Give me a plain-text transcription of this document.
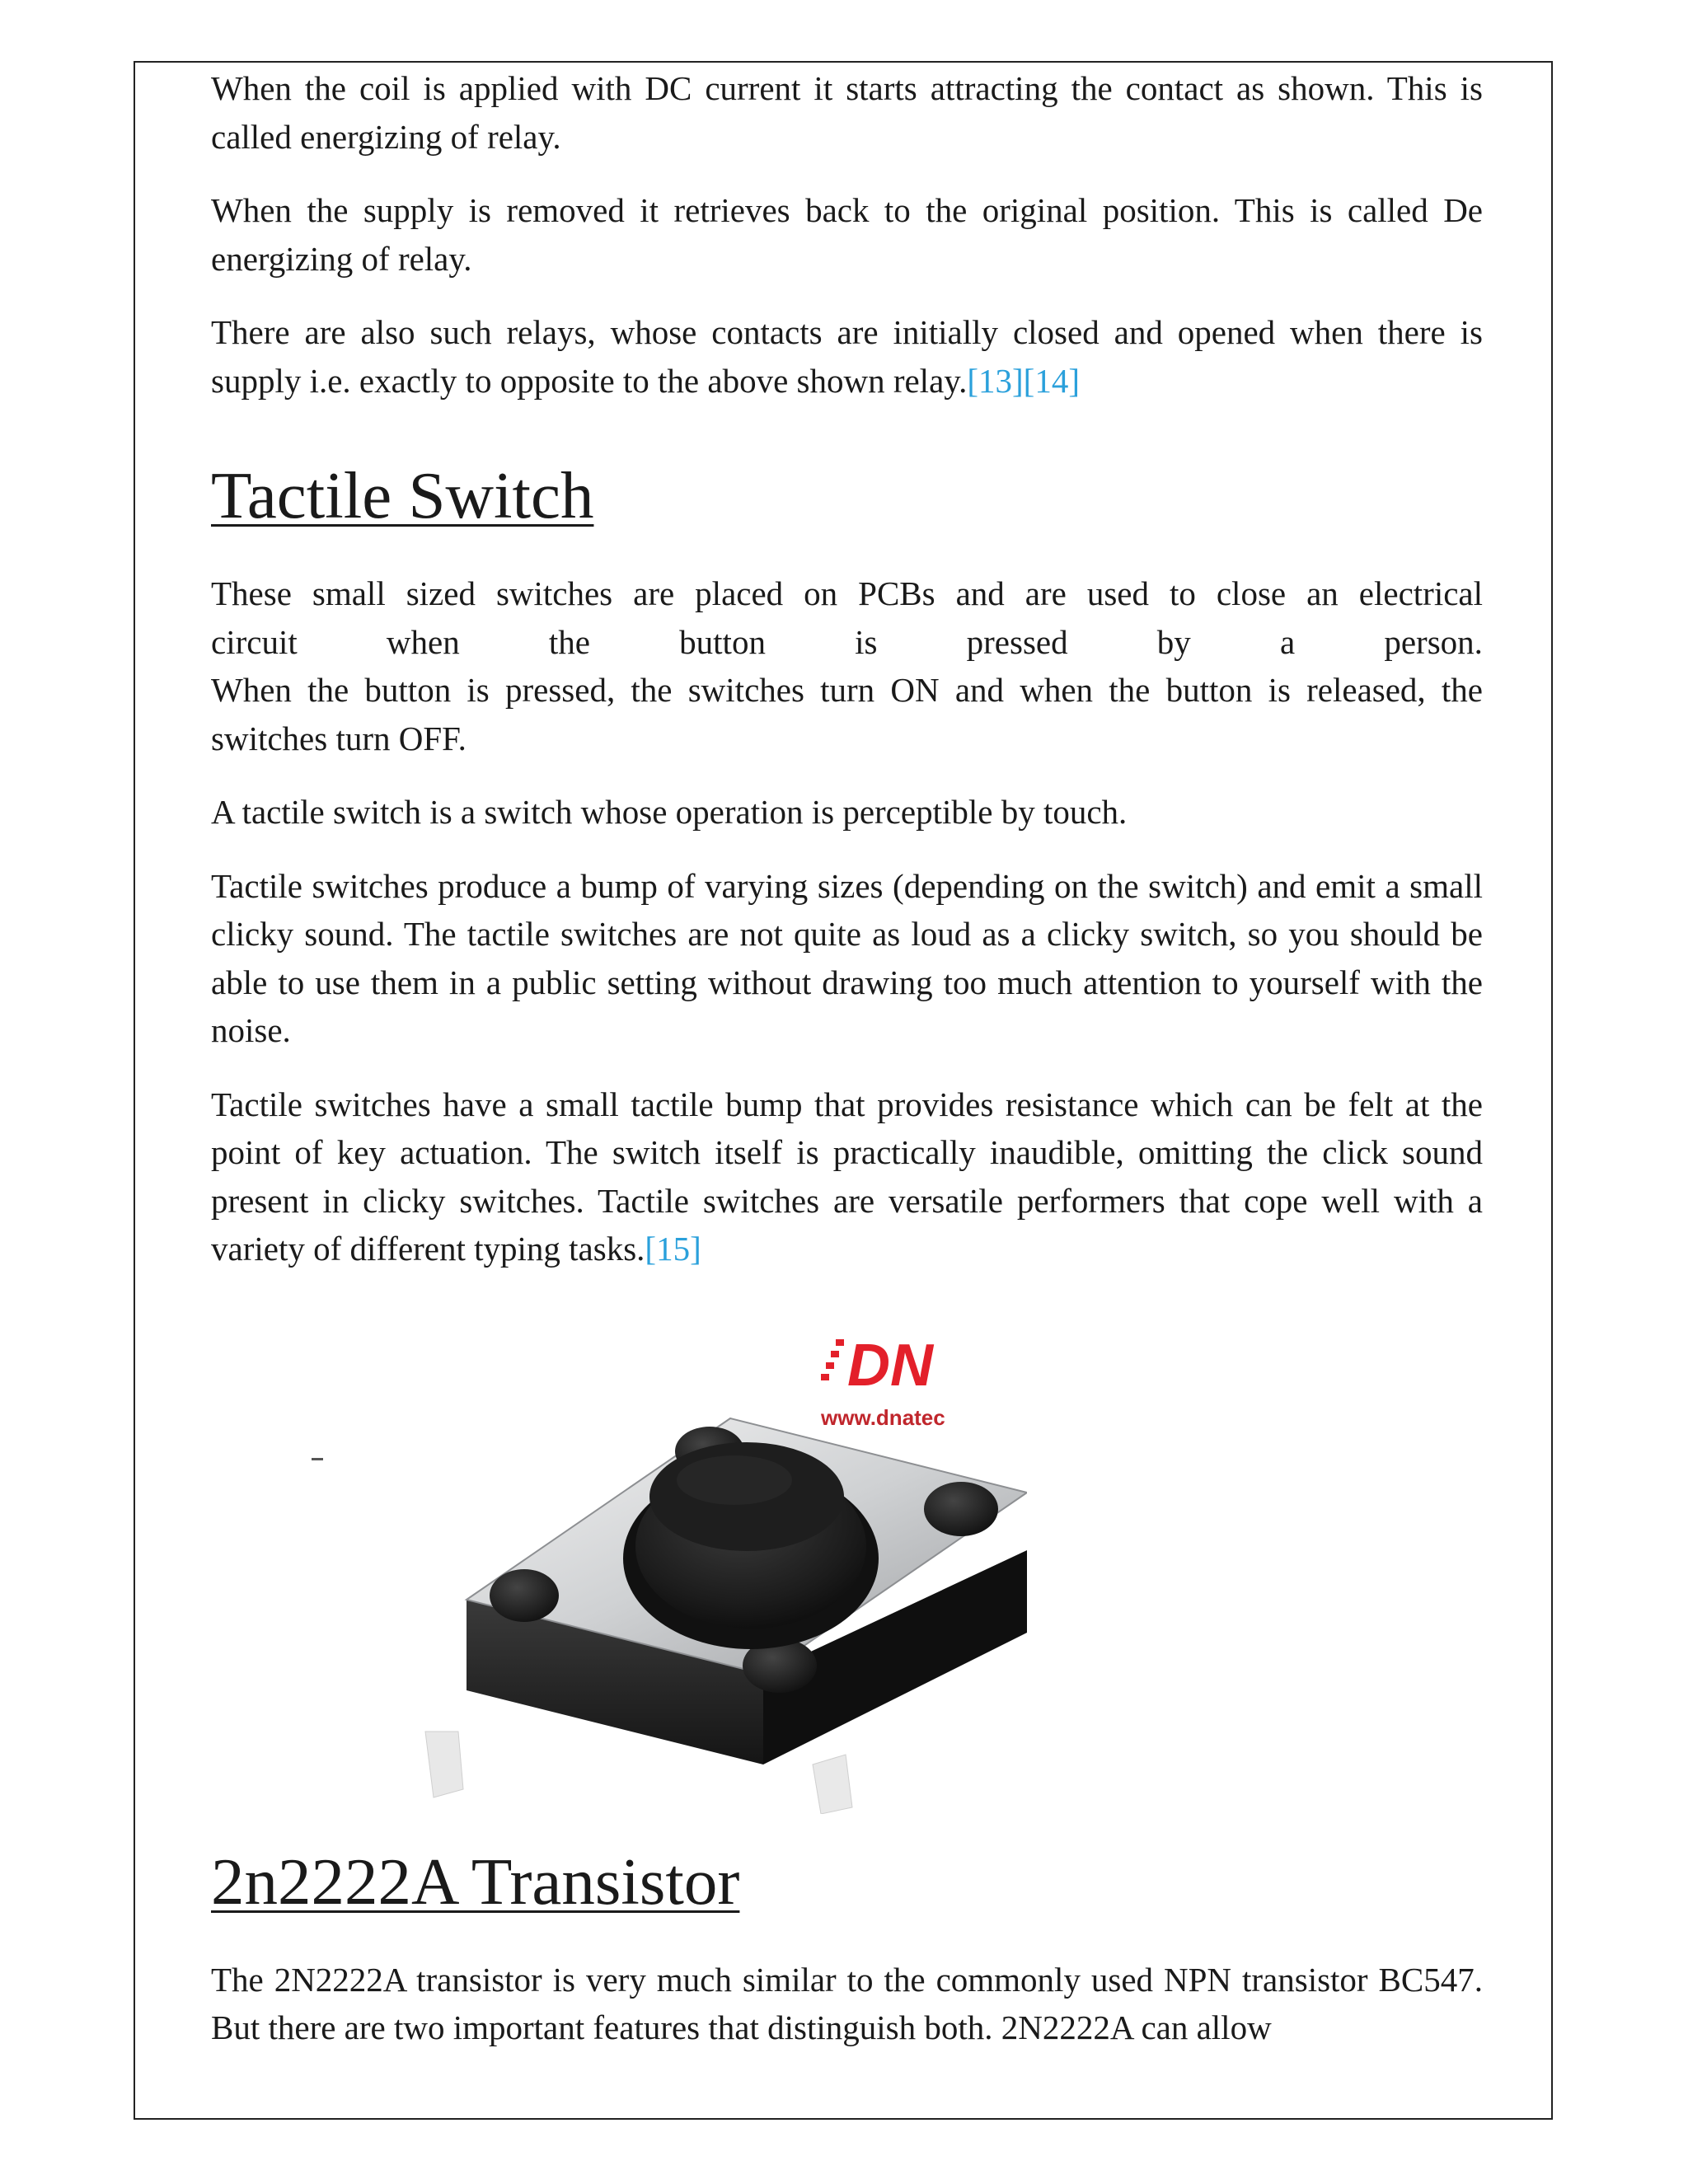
When the coil is applied with DC current it starts attracting the contact as shown. This is called energizing of relay.

When the supply is removed it retrieves back to the original position. This is called De energizing of relay.

There are also such relays, whose contacts are initially closed and opened when there is supply i.e. exactly to opposite to the above shown relay.[13][14]

Tactile Switch

These small sized switches are placed on PCBs and are used to close an electrical

circuit	when	the	button	is	pressed	by	a	person.

When the button is pressed, the switches turn ON and when the button is released, the switches turn OFF.

A tactile switch is a switch whose operation is perceptible by touch.

Tactile switches produce a bump of varying sizes (depending on the switch) and emit a small clicky sound. The tactile switches are not quite as loud as a clicky switch, so you should be able to use them in a public setting without drawing too much attention to yourself with the noise.

Tactile switches have a small tactile bump that provides resistance which can be felt at the point of key actuation. The switch itself is practically inaudible, omitting the click sound present in clicky switches. Tactile switches are versatile performers that cope well with a variety of different typing tasks.[15]

DN
www.dnatec
2n2222A Transistor

The 2N2222A transistor is very much similar to the commonly used NPN transistor BC547. But there are two important features that distinguish both. 2N2222A can allow
